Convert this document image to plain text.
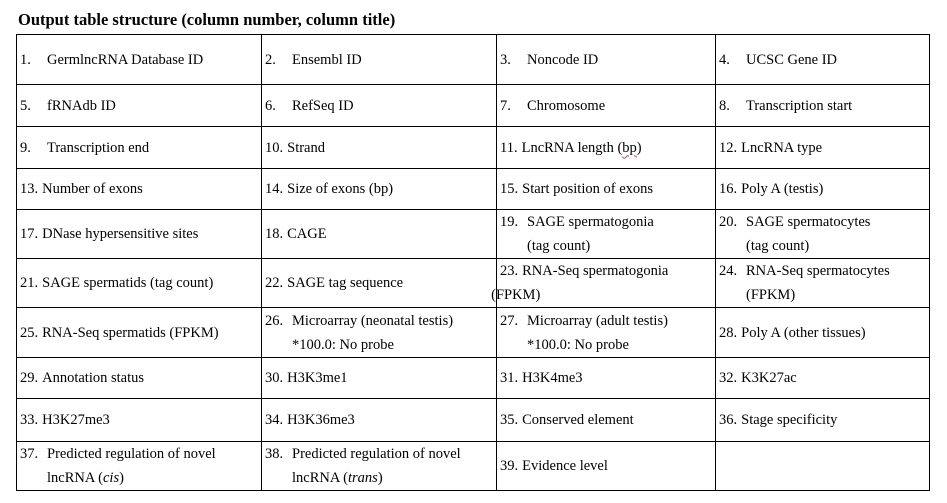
Output table structure (column number, column title)
1. GermlncRNA Database ID	2. Ensembl ID	3. Noncode ID	4. UCSC Gene ID

5. fRNAdb ID	6. RefSeq ID	7. Chromosome	8. Transcription start

9. Transcription end	10. Strand	11. LncRNA length (bp)	12. LncRNA type

13. Number of exons	14. Size of exons (bp)	15. Start position of exons	16. Poly A (testis)

17. DNase hypersensitive sites	18. CAGE	19. SAGE spermatogonia
(tag count)	20. SAGE spermatocytes
(tag count)

21. SAGE spermatids (tag count)	22. SAGE tag sequence	23. RNA-Seq spermatogonia
(FPKM)	24. RNA-Seq spermatocytes
(FPKM)

25. RNA-Seq spermatids (FPKM)	26. Microarray (neonatal testis)
*100.0: No probe	27. Microarray (adult testis)
*100.0: No probe	28. Poly A (other tissues)

29. Annotation status	30. H3K3me1	31. H3K4me3	32. K3K27ac

33. H3K27me3	34. H3K36me3	35. Conserved element	36. Stage specificity

37. Predicted regulation of novel
lncRNA (cis)	38. Predicted regulation of novel
lncRNA (trans)	39. Evidence level	
